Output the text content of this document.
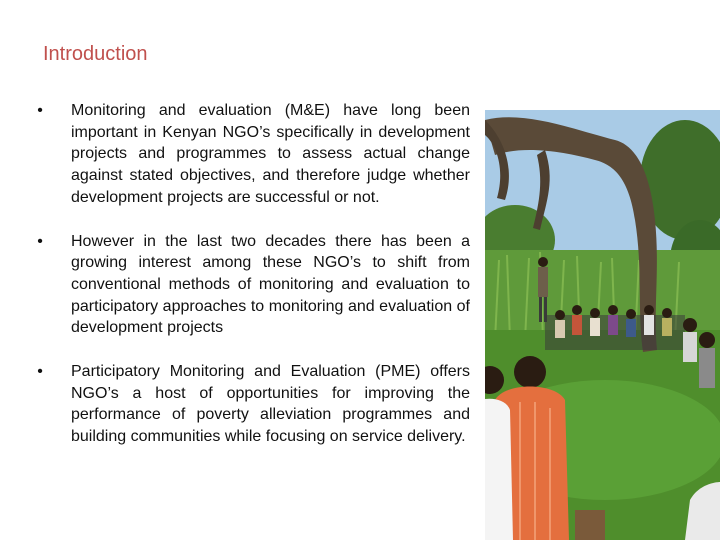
Introduction
•	Monitoring and evaluation (M&E) have long been important in Kenyan NGO’s specifically in development projects and programmes to assess actual change against stated objectives, and therefore judge whether development projects are successful or not.
•	However in the last two decades there has been a growing interest among these NGO’s to shift from conventional methods of monitoring and evaluation to participatory approaches to monitoring and evaluation of development projects
•	Participatory Monitoring and Evaluation (PME) offers NGO’s a host of opportunities for improving the performance of poverty alleviation programmes and building communities while focusing on service delivery.
